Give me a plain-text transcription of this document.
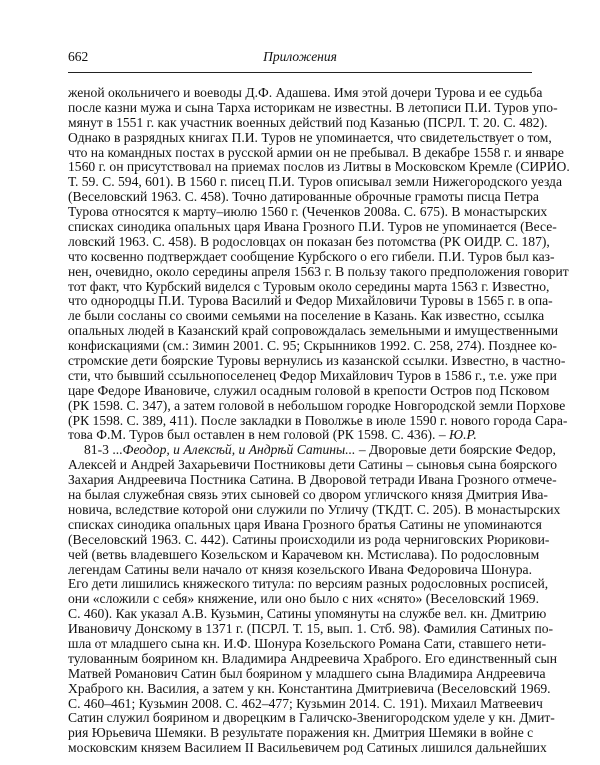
662	Приложения
женой окольничего и воеводы Д.Ф. Адашева. Имя этой дочери Турова и ее судьба
после казни мужа и сына Тарха историкам не известны. В летописи П.И. Туров упо-
мянут в 1551 г. как участник военных действий под Казанью (ПСРЛ. Т. 20. С. 482).
Однако в разрядных книгах П.И. Туров не упоминается, что свидетельствует о том,
что на командных постах в русской армии он не пребывал. В декабре 1558 г. и январе
1560 г. он присутствовал на приемах послов из Литвы в Московском Кремле (СИРИО.
Т. 59. С. 594, 601). В 1560 г. писец П.И. Туров описывал земли Нижегородского уезда
(Веселовский 1963. С. 458). Точно датированные оброчные грамоты писца Петра
Турова относятся к марту–июлю 1560 г. (Чеченков 2008а. С. 675). В монастырских
списках синодика опальных царя Ивана Грозного П.И. Туров не упоминается (Весе-
ловский 1963. С. 458). В родословцах он показан без потомства (РК ОИДР. С. 187),
что косвенно подтверждает сообщение Курбского о его гибели. П.И. Туров был каз-
нен, очевидно, около середины апреля 1563 г. В пользу такого предположения говорит
тот факт, что Курбский виделся с Туровым около середины марта 1563 г. Известно,
что однородцы П.И. Турова Василий и Федор Михайловичи Туровы в 1565 г. в опа-
ле были сосланы со своими семьями на поселение в Казань. Как известно, ссылка
опальных людей в Казанский край сопровождалась земельными и имущественными
конфискациями (см.: Зимин 2001. С. 95; Скрынников 1992. С. 258, 274). Позднее ко-
стромские дети боярские Туровы вернулись из казанской ссылки. Известно, в частно-
сти, что бывший ссыльнопоселенец Федор Михайлович Туров в 1586 г., т.е. уже при
царе Федоре Ивановиче, служил осадным головой в крепости Остров под Псковом
(РК 1598. С. 347), а затем головой в небольшом городке Новгородской земли Порхове
(РК 1598. С. 389, 411). После закладки в Поволжье в июле 1590 г. нового города Сара-
това Ф.М. Туров был оставлен в нем головой (РК 1598. С. 436). – Ю.Р.
81-3 ...Феодор, и Алексѣй, и Андрѣй Сатины... – Дворовые дети боярские Федор,
Алексей и Андрей Захарьевичи Постниковы дети Сатины – сыновья сына боярского
Захария Андреевича Постника Сатина. В Дворовой тетради Ивана Грозного отмече-
на былая служебная связь этих сыновей со двором угличского князя Дмитрия Ива-
новича, вследствие которой они служили по Угличу (ТКДТ. С. 205). В монастырских
списках синодика опальных царя Ивана Грозного братья Сатины не упоминаются
(Веселовский 1963. С. 442). Сатины происходили из рода черниговских Рюрикови-
чей (ветвь владевшего Козельском и Карачевом кн. Мстислава). По родословным
легендам Сатины вели начало от князя козельского Ивана Федоровича Шонура.
Его дети лишились княжеского титула: по версиям разных родословных росписей,
они «сложили с себя» княжение, или оно было с них «снято» (Веселовский 1969.
С. 460). Как указал А.В. Кузьмин, Сатины упомянуты на службе вел. кн. Дмитрию
Ивановичу Донскому в 1371 г. (ПСРЛ. Т. 15, вып. 1. Стб. 98). Фамилия Сатиных по-
шла от младшего сына кн. И.Ф. Шонура Козельского Романа Сати, ставшего нети-
тулованным боярином кн. Владимира Андреевича Храброго. Его единственный сын
Матвей Романович Сатин был боярином у младшего сына Владимира Андреевича
Храброго кн. Василия, а затем у кн. Константина Дмитриевича (Веселовский 1969.
С. 460–461; Кузьмин 2008. С. 462–477; Кузьмин 2014. С. 191). Михаил Матвеевич
Сатин служил боярином и дворецким в Галичско-Звенигородском уделе у кн. Дмит-
рия Юрьевича Шемяки. В результате поражения кн. Дмитрия Шемяки в войне с
московским князем Василием II Васильевичем род Сатиных лишился дальнейших
